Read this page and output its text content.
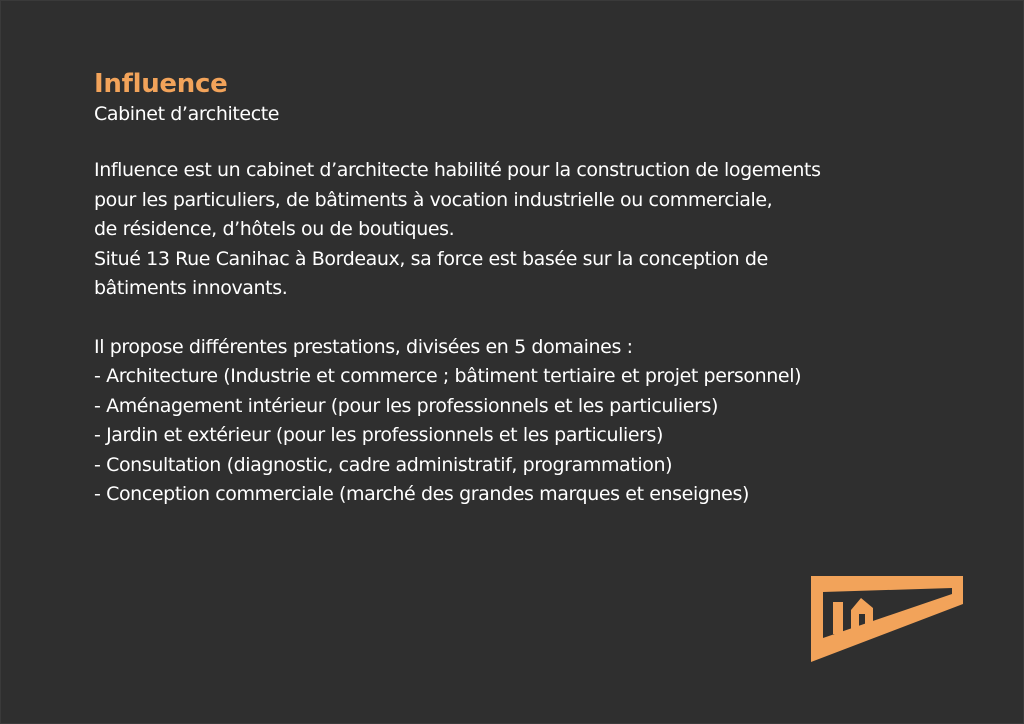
Influence

Cabinet d’architecte

Influence est un cabinet d’architecte habilité pour la construction de logements
pour les particuliers, de bâtiments à vocation industrielle ou commerciale,
de résidence, d’hôtels ou de boutiques.
Situé 13 Rue Canihac à Bordeaux, sa force est basée sur la conception de
bâtiments innovants.

Il propose différentes prestations, divisées en 5 domaines :
- Architecture (Industrie et commerce ; bâtiment tertiaire et projet personnel)
- Aménagement intérieur (pour les professionnels et les particuliers)
- Jardin et extérieur (pour les professionnels et les particuliers)
- Consultation (diagnostic, cadre administratif, programmation)
- Conception commerciale (marché des grandes marques et enseignes)
